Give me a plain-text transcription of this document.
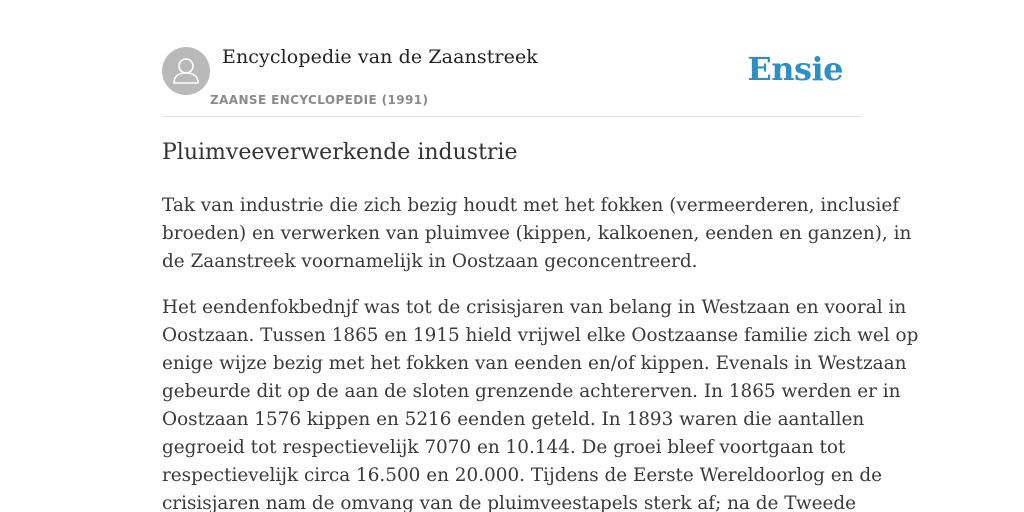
Encyclopedie van de Zaanstreek
ZAANSE ENCYCLOPEDIE (1991)
Ensie
Pluimveeverwerkende industrie

Tak van industrie die zich bezig houdt met het fokken (vermeerderen, inclusief
broeden) en verwerken van pluimvee (kippen, kalkoenen, eenden en ganzen), in
de Zaanstreek voornamelijk in Oostzaan geconcentreerd.

Het eendenfokbednjf was tot de crisisjaren van belang in Westzaan en vooral in
Oostzaan. Tussen 1865 en 1915 hield vrijwel elke Oostzaanse familie zich wel op
enige wijze bezig met het fokken van eenden en/of kippen. Evenals in Westzaan
gebeurde dit op de aan de sloten grenzende achtererven. In 1865 werden er in
Oostzaan 1576 kippen en 5216 eenden geteld. In 1893 waren die aantallen
gegroeid tot respectievelijk 7070 en 10.144. De groei bleef voortgaan tot
respectievelijk circa 16.500 en 20.000. Tijdens de Eerste Wereldoorlog en de
crisisjaren nam de omvang van de pluimveestapels sterk af; na de Tweede
